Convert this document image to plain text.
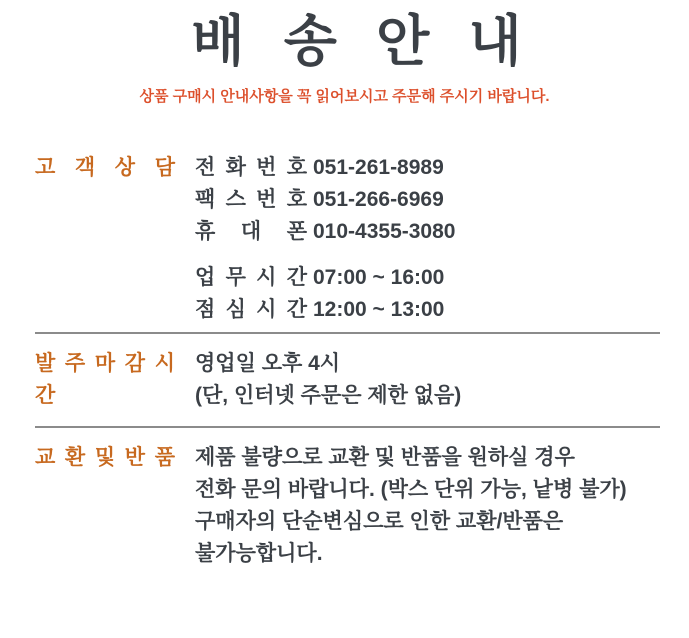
배 송 안 내

상품 구매시 안내사항을 꼭 읽어보시고 주문해 주시기 바랍니다.

고 객 상 담 전 화 번 호 051-261-8989
팩 스 번 호 051-266-6969
휴 대 폰 010-4355-3080
업 무 시 간 07:00 ~ 16:00
점 심 시 간 12:00 ~ 13:00
발 주 마 감 시 간
영업일 오후 4시
(단, 인터넷 주문은 제한 없음)
교 환 및 반 품 제품 불량으로 교환 및 반품을 원하실 경우
전화 문의 바랍니다. (박스 단위 가능, 낱병 불가)
구매자의 단순변심으로 인한 교환/반품은
불가능합니다.
